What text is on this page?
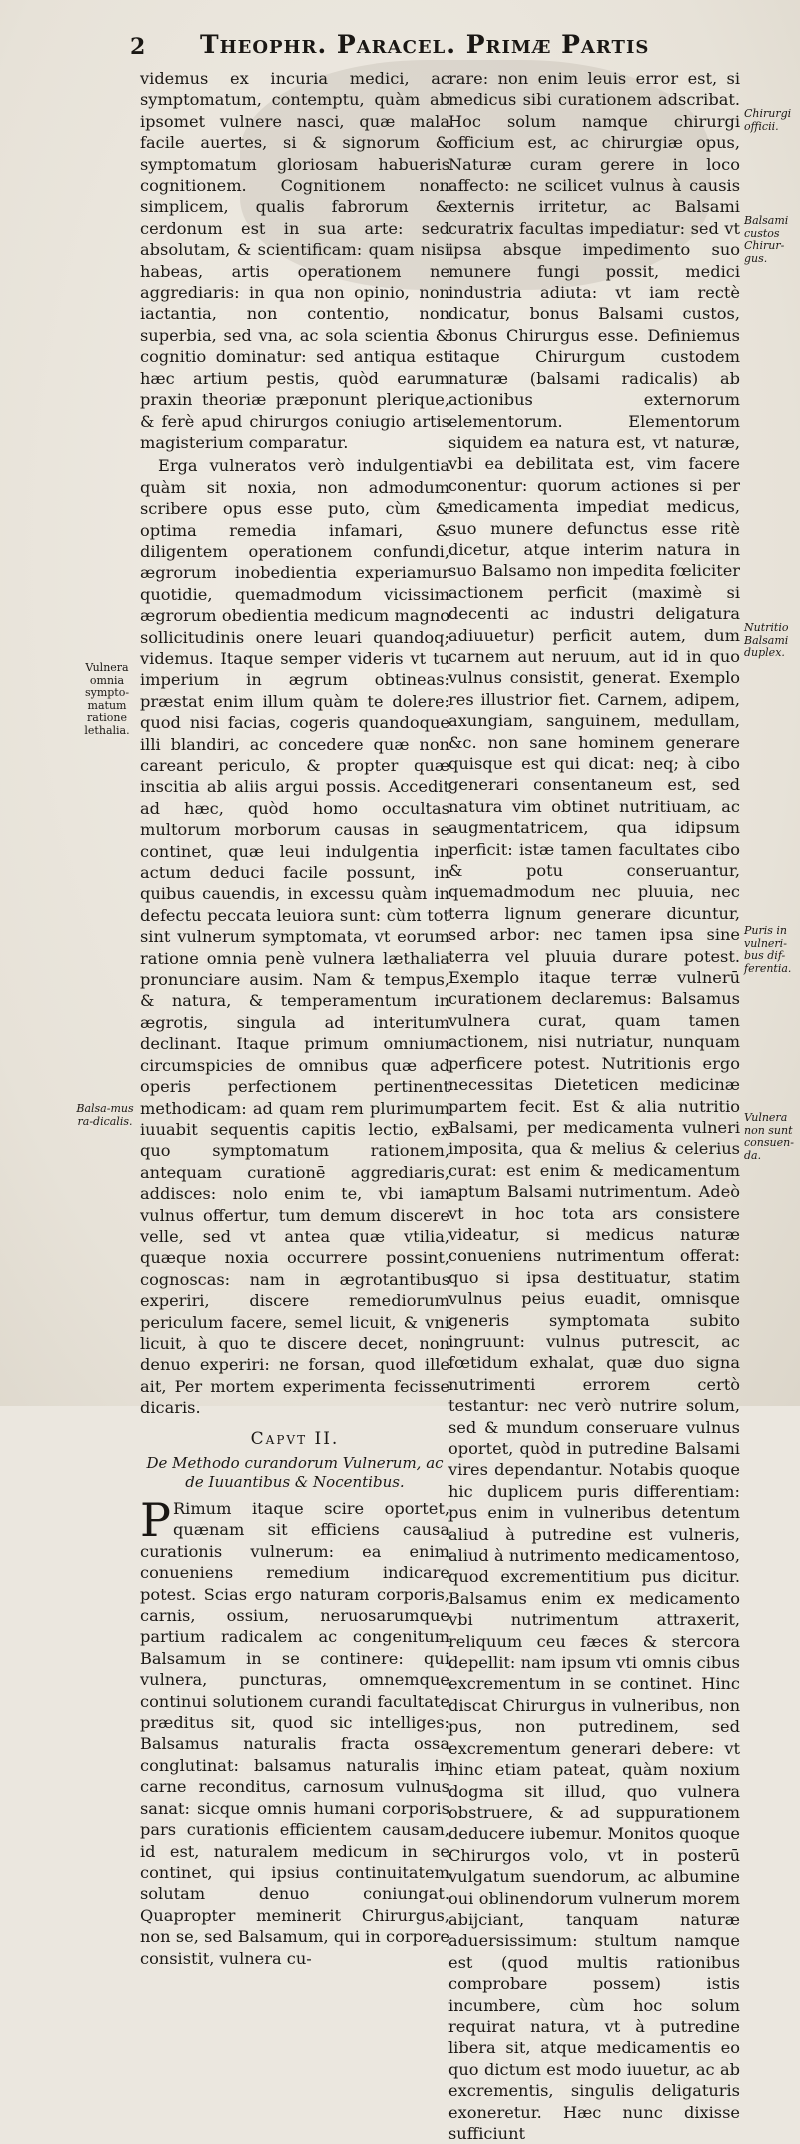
2 Theophr. Paracel. Primæ Partis

videmus ex incuria medici, ac symptomatum, contemptu, quàm ab ipsomet vulnere nasci, quæ mala facile auertes, si & signorum & symptomatum gloriosam habueris cognitionem. Cognitionem non simplicem, qualis fabrorum & cerdonum est in sua arte: sed absolutam, & scientificam: quam nisi habeas, artis operationem ne aggrediaris: in qua non opinio, non iactantia, non contentio, non superbia, sed vna, ac sola scientia & cognitio dominatur: sed antiqua est hæc artium pestis, quòd earum praxin theoriæ præponunt plerique, & ferè apud chirurgos coniugio artis magisterium comparatur.

Erga vulneratos verò indulgentia quàm sit noxia, non admodum scribere opus esse puto, cùm & optima remedia infamari, & diligentem operationem confundi, ægrorum inobedientia experiamur quotidie, quemadmodum vicissim ægrorum obedientia medicum magno sollicitudinis onere leuari quandoq; videmus. Itaque semper videris vt tu imperium in ægrum obtineas: præstat enim illum quàm te dolere: quod nisi facias, cogeris quandoque illi blandiri, ac concedere quæ non careant periculo, & propter quæ inscitia ab aliis argui possis. Accedit ad hæc, quòd homo occultas multorum morborum causas in se continet, quæ leui indulgentia in actum deduci facile possunt, in quibus cauendis, in excessu quàm in defectu peccata leuiora sunt: cùm tot sint vulnerum symptomata, vt eorum ratione omnia penè vulnera læthalia pronunciare ausim. Nam & tempus, & natura, & temperamentum in ægrotis, singula ad interitum declinant. Itaque primum omnium circumspicies de omnibus quæ ad operis perfectionem pertinent methodicam: ad quam rem plurimum iuuabit sequentis capitis lectio, ex quo symptomatum rationem, antequam curationē aggrediaris, addisces: nolo enim te, vbi iam vulnus offertur, tum demum discere velle, sed vt antea quæ vtilia, quæque noxia occurrere possint, cognoscas: nam in ægrotantibus experiri, discere remediorum periculum facere, semel licuit, & vni licuit, à quo te discere decet, non denuo experiri: ne forsan, quod ille ait, Per mortem experimenta fecisse dicaris.

Capvt II.

De Methodo curandorum Vulnerum, ac de Iuuantibus & Nocentibus.

PRimum itaque scire oportet, quænam sit efficiens causa curationis vulnerum: ea enim conueniens remedium indicare potest. Scias ergo naturam corporis, carnis, ossium, neruosarumque partium radicalem ac congenitum Balsamum in se continere: qui vulnera, puncturas, omnemque continui solutionem curandi facultate præditus sit, quod sic intelliges: Balsamus naturalis fracta ossa conglutinat: balsamus naturalis in carne reconditus, carnosum vulnus sanat: sicque omnis humani corporis pars curationis efficientem causam, id est, naturalem medicum in se continet, qui ipsius continuitatem solutam denuo coniungat. Quapropter meminerit Chirurgus, non se, sed Balsamum, qui in corpore consistit, vulnera cu-

rare: non enim leuis error est, si medicus sibi curationem adscribat. Hoc solum namque chirurgi officium est, ac chirurgiæ opus, Naturæ curam gerere in loco affecto: ne scilicet vulnus à causis externis irritetur, ac Balsami curatrix facultas impediatur: sed vt ipsa absque impedimento suo munere fungi possit, medici industria adiuta: vt iam rectè dicatur, bonus Balsami custos, bonus Chirurgus esse. Definiemus itaque Chirurgum custodem naturæ (balsami radicalis) ab actionibus externorum elementorum. Elementorum siquidem ea natura est, vt naturæ, vbi ea debilitata est, vim facere conentur: quorum actiones si per medicamenta impediat medicus, suo munere defunctus esse ritè dicetur, atque interim natura in suo Balsamo non impedita fœliciter actionem perficit (maximè si decenti ac industri deligatura adiuuetur) perficit autem, dum carnem aut neruum, aut id in quo vulnus consistit, generat. Exemplo res illustrior fiet. Carnem, adipem, axungiam, sanguinem, medullam, &c. non sane hominem generare quisque est qui dicat: neq; à cibo generari consentaneum est, sed natura vim obtinet nutritiuam, ac augmentatricem, qua idipsum perficit: istæ tamen facultates cibo & potu conseruantur, quemadmodum nec pluuia, nec terra lignum generare dicuntur, sed arbor: nec tamen ipsa sine terra vel pluuia durare potest. Exemplo itaque terræ vulnerū curationem declaremus: Balsamus vulnera curat, quam tamen actionem, nisi nutriatur, nunquam perficere potest. Nutritionis ergo necessitas Dieteticen medicinæ partem fecit. Est & alia nutritio Balsami, per medicamenta vulneri imposita, qua & melius & celerius curat: est enim & medicamentum aptum Balsami nutrimentum. Adeò vt in hoc tota ars consistere videatur, si medicus naturæ conueniens nutrimentum offerat: quo si ipsa destituatur, statim vulnus peius euadit, omnisque generis symptomata subito ingruunt: vulnus putrescit, ac fœtidum exhalat, quæ duo signa nutrimenti errorem certò testantur: nec verò nutrire solum, sed & mundum conseruare vulnus oportet, quòd in putredine Balsami vires dependantur. Notabis quoque hic duplicem puris differentiam: pus enim in vulneribus detentum aliud à putredine est vulneris, aliud à nutrimento medicamentoso, quod excrementitium pus dicitur. Balsamus enim ex medicamento vbi nutrimentum attraxerit, reliquum ceu fæces & stercora depellit: nam ipsum vti omnis cibus excrementum in se continet. Hinc discat Chirurgus in vulneribus, non pus, non putredinem, sed excrementum generari debere: vt hinc etiam pateat, quàm noxium dogma sit illud, quo vulnera obstruere, & ad suppurationem deducere iubemur. Monitos quoque Chirurgos volo, vt in posterū vulgatum suendorum, ac albumine oui oblinendorum vulnerum morem abijciant, tanquam naturæ aduersissimum: stultum namque est (quod multis rationibus comprobare possem) istis incumbere, cùm hoc solum requirat natura, vt à putredine libera sit, atque medicamentis eo quo dictum est modo iuuetur, ac ab excrementis, singulis deligaturis exoneretur. Hæc nunc dixisse sufficiunt

Vulnera omnia sympto-matum ratione lethalia.
Balsa-mus ra-dicalis.
Chirurgi officii.
Balsami custos Chirur-gus.
Nutritio Balsami duplex.
Puris in vulneri-bus dif-ferentia.
Vulnera non sunt consuen-da.
